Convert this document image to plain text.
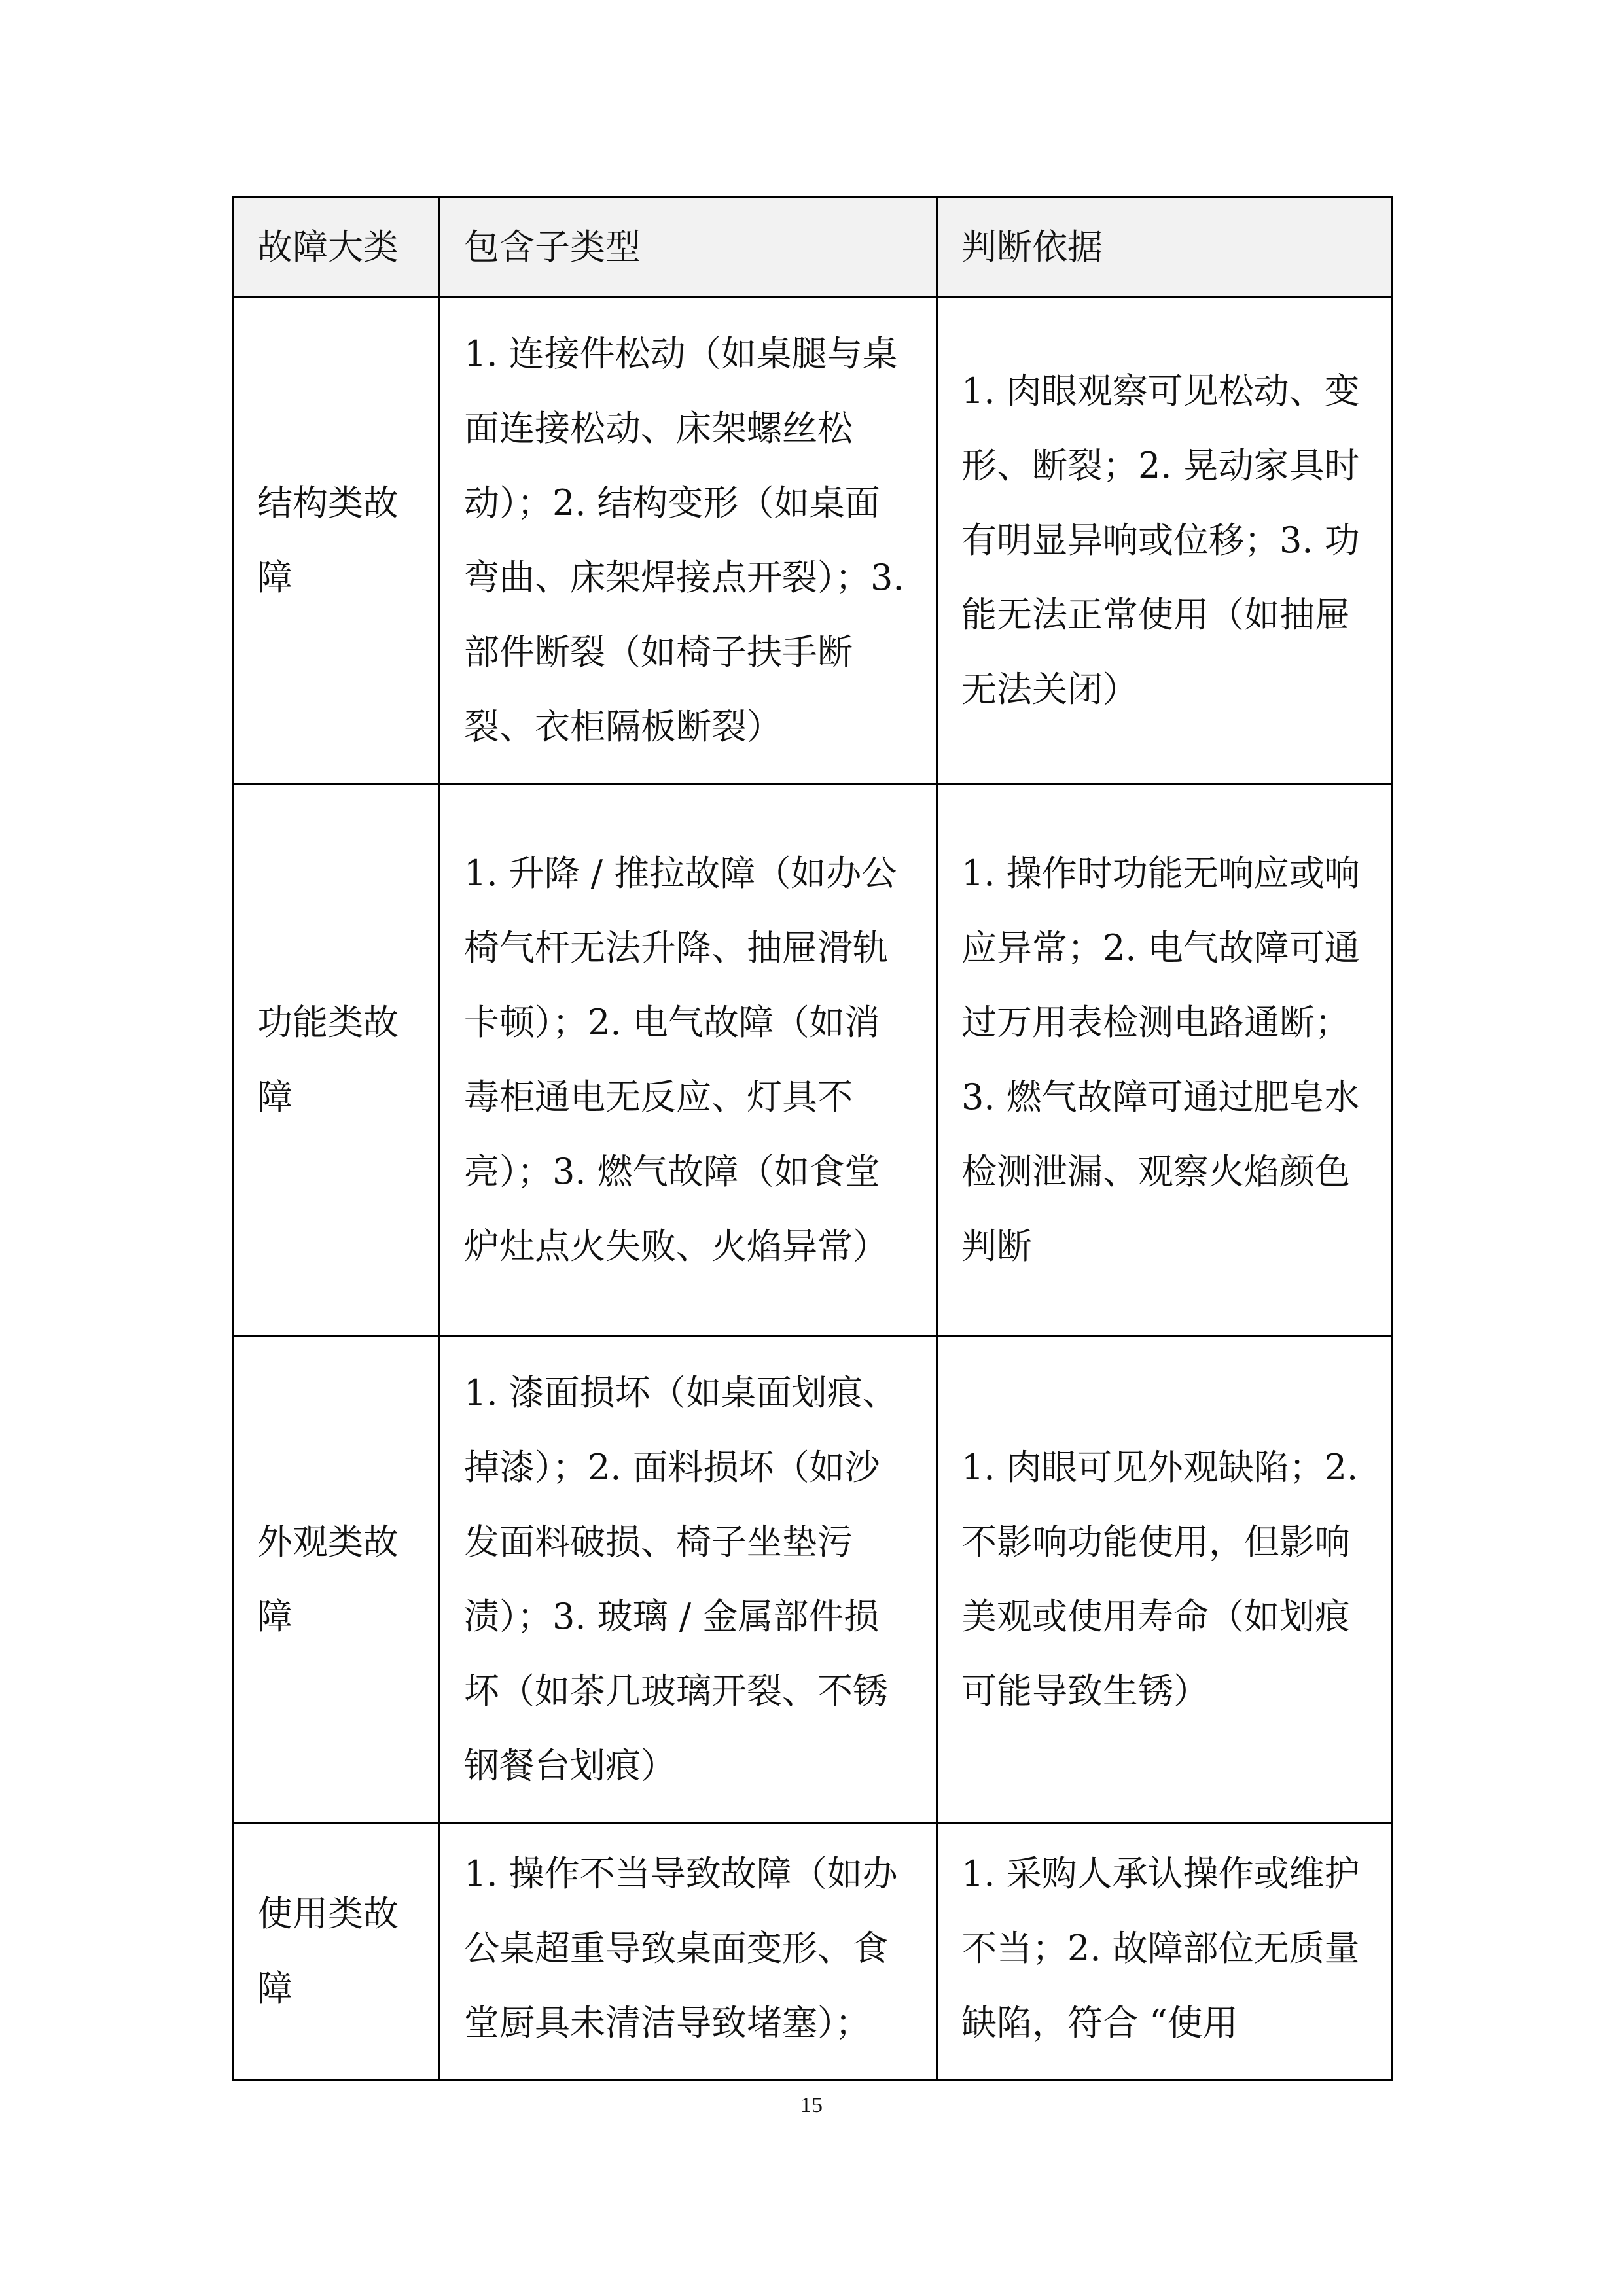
故障大类	包含子类型	判断依据
结构类故障	1. 连接件松动（如桌腿与桌面连接松动、床架螺丝松动）；2. 结构变形（如桌面弯曲、床架焊接点开裂）；3. 部件断裂（如椅子扶手断裂、衣柜隔板断裂）	1. 肉眼观察可见松动、变形、断裂；2. 晃动家具时有明显异响或位移；3. 功能无法正常使用（如抽屉无法关闭）
功能类故障	1. 升降 / 推拉故障（如办公椅气杆无法升降、抽屉滑轨卡顿）；2. 电气故障（如消毒柜通电无反应、灯具不亮）；3. 燃气故障（如食堂炉灶点火失败、火焰异常）	1. 操作时功能无响应或响应异常；2. 电气故障可通过万用表检测电路通断；3. 燃气故障可通过肥皂水检测泄漏、观察火焰颜色判断
外观类故障	1. 漆面损坏（如桌面划痕、掉漆）；2. 面料损坏（如沙发面料破损、椅子坐垫污渍）；3. 玻璃 / 金属部件损坏（如茶几玻璃开裂、不锈钢餐台划痕）	1. 肉眼可见外观缺陷；2. 不影响功能使用，但影响美观或使用寿命（如划痕可能导致生锈）
使用类故障	1. 操作不当导致故障（如办公桌超重导致桌面变形、食堂厨具未清洁导致堵塞）；	1. 采购人承认操作或维护不当；2. 故障部位无质量缺陷，符合 “使用
15
